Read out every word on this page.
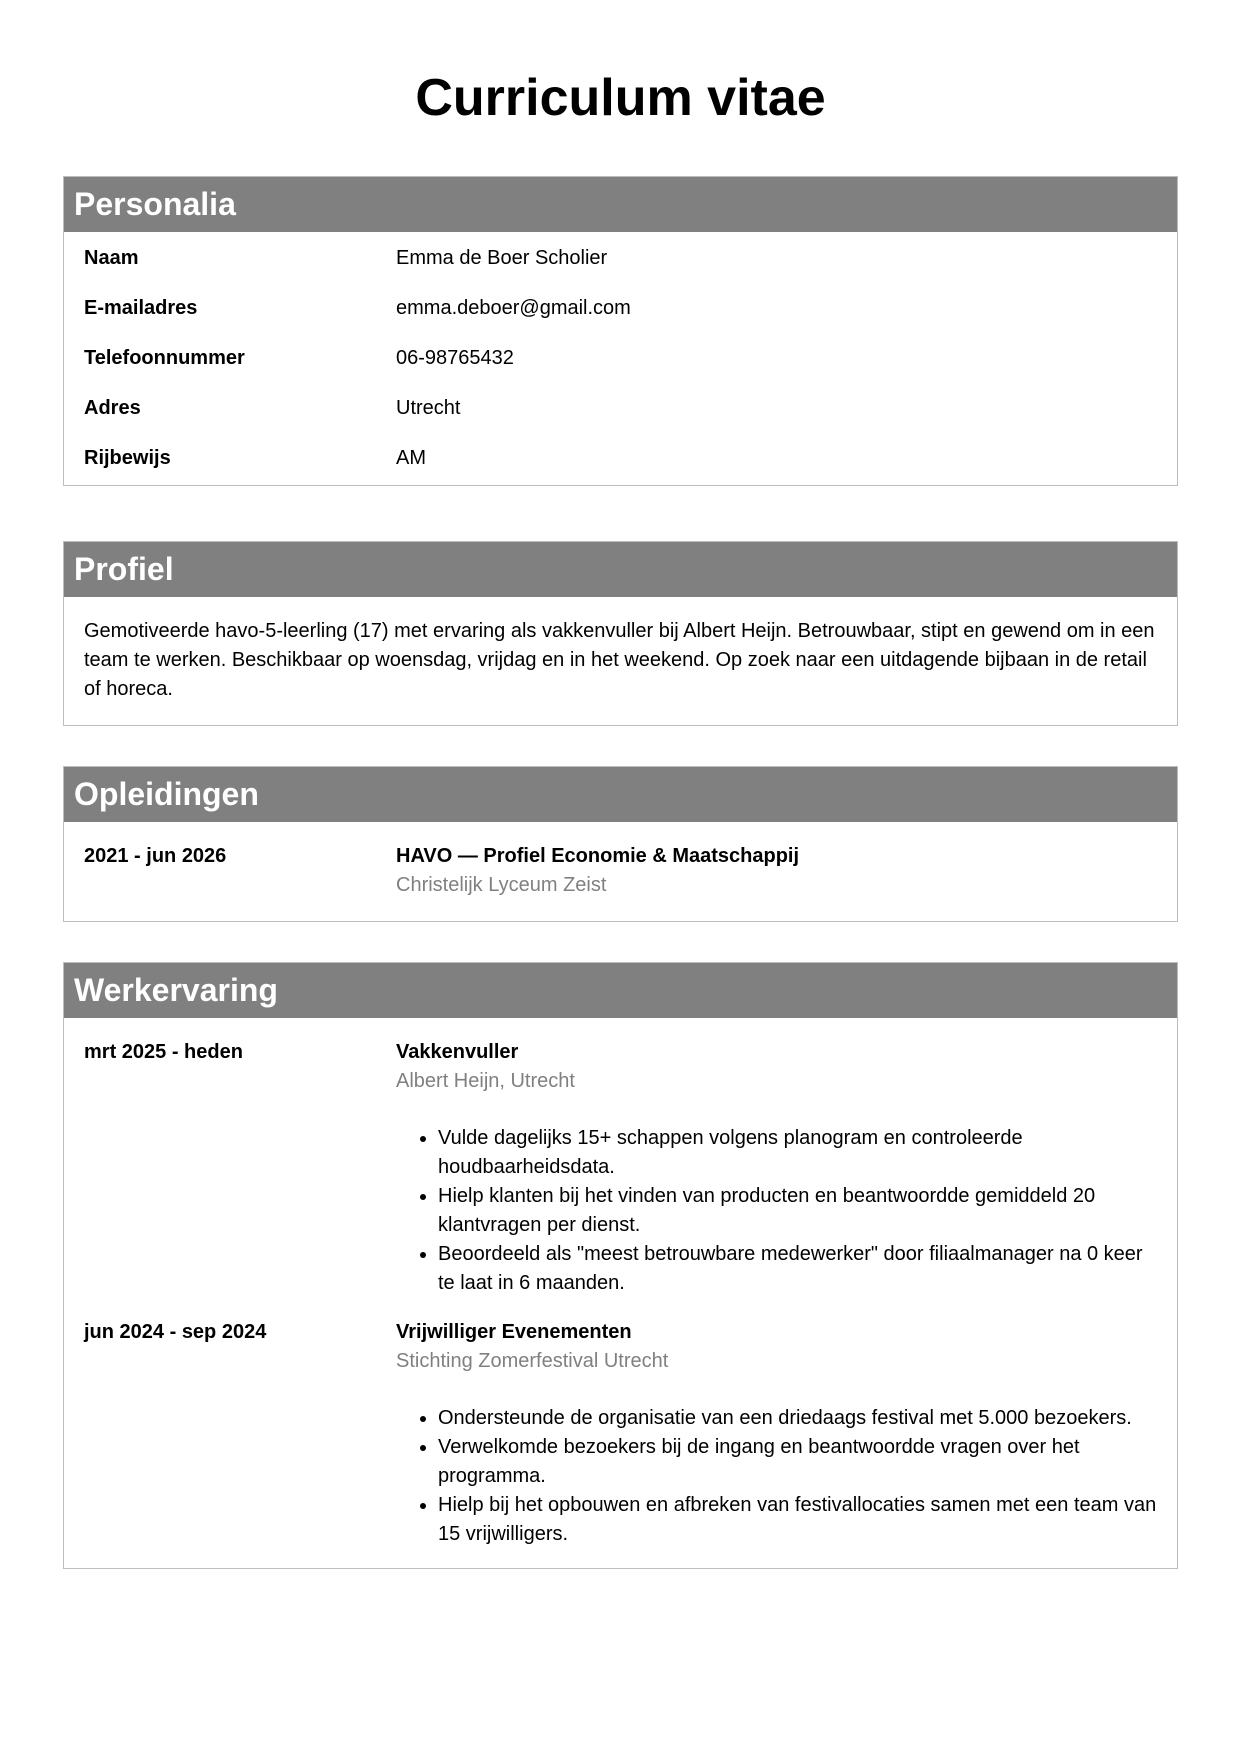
Curriculum vitae
Personalia
Naam	Emma de Boer Scholier
E-mailadres	emma.deboer@gmail.com
Telefoonnummer	06-98765432
Adres	Utrecht
Rijbewijs	AM
Profiel

Gemotiveerde havo-5-leerling (17) met ervaring als vakkenvuller bij Albert Heijn. Betrouwbaar, stipt en gewend om in een team te werken. Beschikbaar op woensdag, vrijdag en in het weekend. Op zoek naar een uitdagende bijbaan in de retail of horeca.

Opleidingen
2021 - jun 2026	HAVO — Profiel Economie & Maatschappij
Christelijk Lyceum Zeist
Werkervaring
mrt 2025 - heden	Vakkenvuller
Albert Heijn, Utrecht
• Vulde dagelijks 15+ schappen volgens planogram en controleerde houdbaarheidsdata.
• Hielp klanten bij het vinden van producten en beantwoordde gemiddeld 20 klantvragen per dienst.
• Beoordeeld als "meest betrouwbare medewerker" door filiaalmanager na 0 keer te laat in 6 maanden.
jun 2024 - sep 2024	Vrijwilliger Evenementen
Stichting Zomerfestival Utrecht
• Ondersteunde de organisatie van een driedaags festival met 5.000 bezoekers.
• Verwelkomde bezoekers bij de ingang en beantwoordde vragen over het programma.
• Hielp bij het opbouwen en afbreken van festivallocaties samen met een team van 15 vrijwilligers.
